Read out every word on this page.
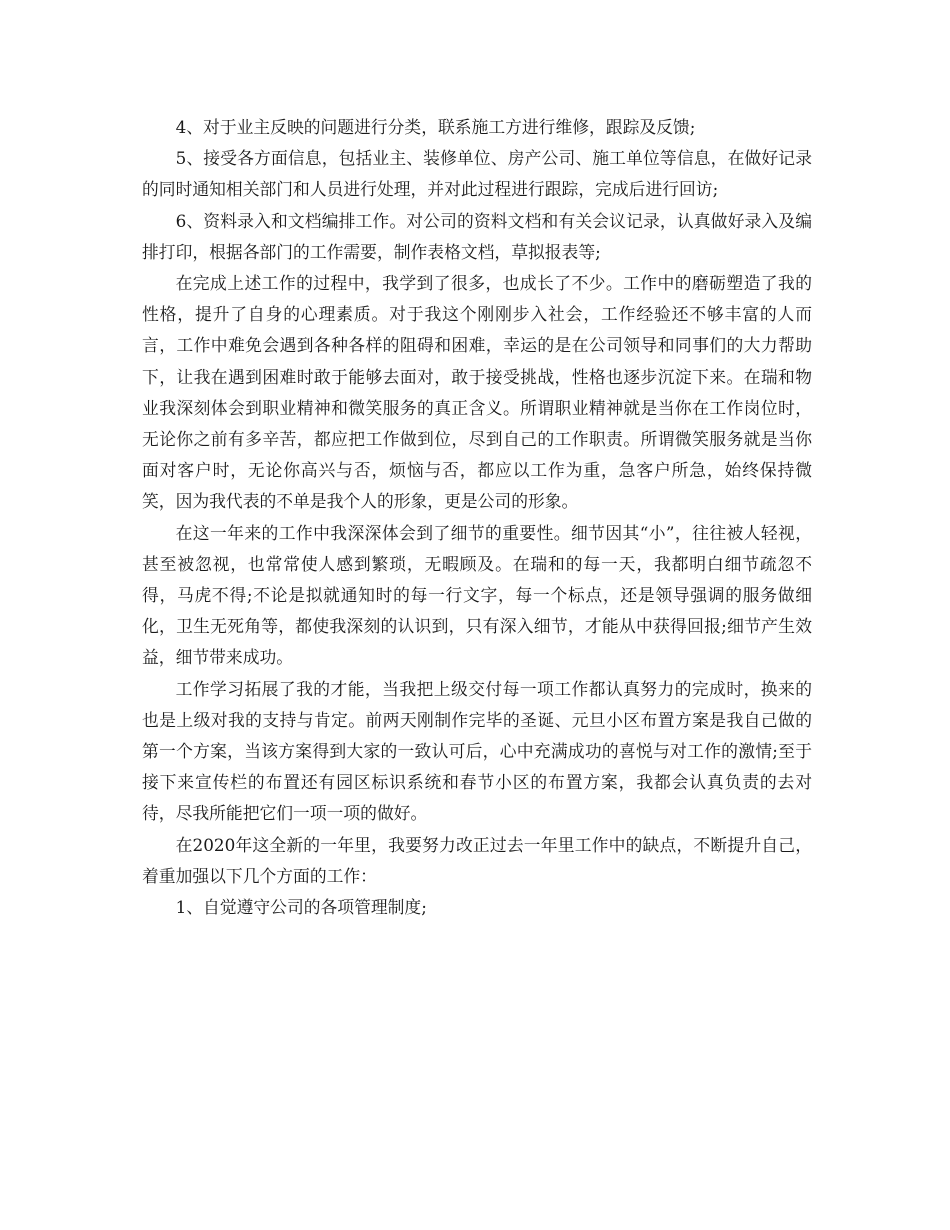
4、对于业主反映的问题进行分类，联系施工方进行维修，跟踪及反馈;

5、接受各方面信息，包括业主、装修单位、房产公司、施工单位等信息，在做好记录的同时通知相关部门和人员进行处理，并对此过程进行跟踪，完成后进行回访;

6、资料录入和文档编排工作。对公司的资料文档和有关会议记录，认真做好录入及编排打印，根据各部门的工作需要，制作表格文档，草拟报表等;

在完成上述工作的过程中，我学到了很多，也成长了不少。工作中的磨砺塑造了我的性格，提升了自身的心理素质。对于我这个刚刚步入社会，工作经验还不够丰富的人而言，工作中难免会遇到各种各样的阻碍和困难，幸运的是在公司领导和同事们的大力帮助下，让我在遇到困难时敢于能够去面对，敢于接受挑战，性格也逐步沉淀下来。在瑞和物业我深刻体会到职业精神和微笑服务的真正含义。所谓职业精神就是当你在工作岗位时，无论你之前有多辛苦，都应把工作做到位，尽到自己的工作职责。所谓微笑服务就是当你面对客户时，无论你高兴与否，烦恼与否，都应以工作为重，急客户所急，始终保持微笑，因为我代表的不单是我个人的形象，更是公司的形象。

在这一年来的工作中我深深体会到了细节的重要性。细节因其“小”，往往被人轻视，甚至被忽视，也常常使人感到繁琐，无暇顾及。在瑞和的每一天，我都明白细节疏忽不得，马虎不得;不论是拟就通知时的每一行文字，每一个标点，还是领导强调的服务做细化，卫生无死角等，都使我深刻的认识到，只有深入细节，才能从中获得回报;细节产生效益，细节带来成功。

工作学习拓展了我的才能，当我把上级交付每一项工作都认真努力的完成时，换来的也是上级对我的支持与肯定。前两天刚制作完毕的圣诞、元旦小区布置方案是我自己做的第一个方案，当该方案得到大家的一致认可后，心中充满成功的喜悦与对工作的激情;至于接下来宣传栏的布置还有园区标识系统和春节小区的布置方案，我都会认真负责的去对待，尽我所能把它们一项一项的做好。

在2020年这全新的一年里，我要努力改正过去一年里工作中的缺点，不断提升自己，着重加强以下几个方面的工作：

1、自觉遵守公司的各项管理制度;
